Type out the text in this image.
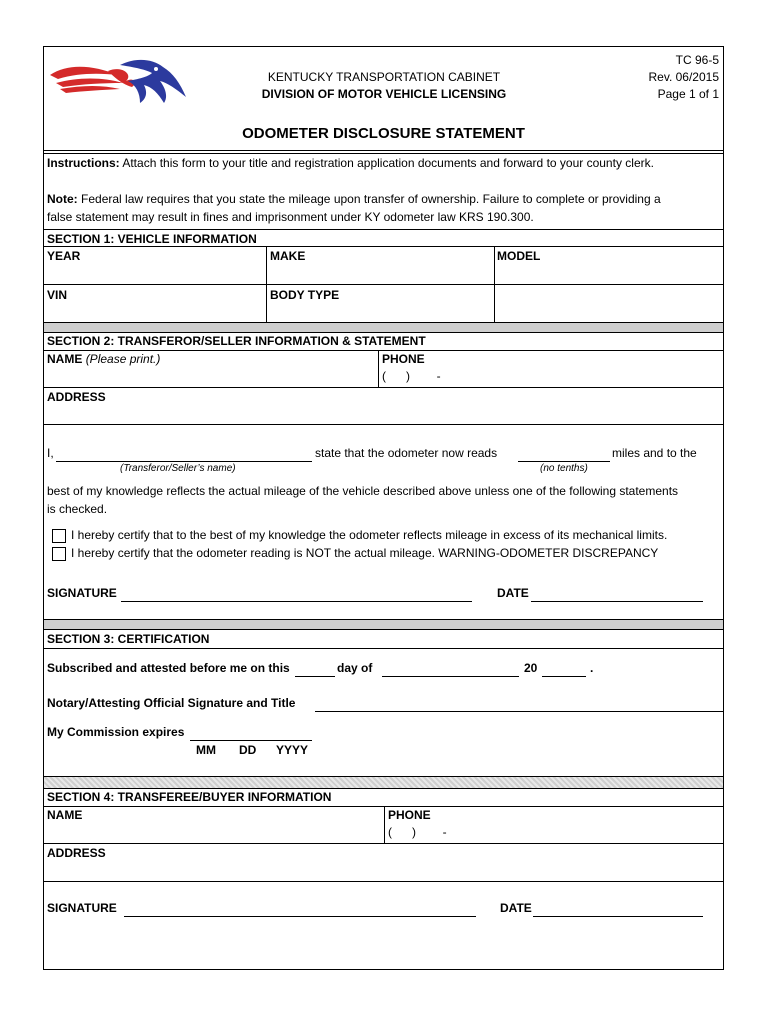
TC 96-5
Rev. 06/2015
Page 1 of 1
KENTUCKY TRANSPORTATION CABINET
DIVISION OF MOTOR VEHICLE LICENSING
ODOMETER DISCLOSURE STATEMENT
Instructions: Attach this form to your title and registration application documents and forward to your county clerk.
Note: Federal law requires that you state the mileage upon transfer of ownership. Failure to complete or providing a
false statement may result in fines and imprisonment under KY odometer law KRS 190.300.
SECTION 1: VEHICLE INFORMATION
YEAR	MAKE	MODEL
VIN	BODY TYPE
SECTION 2: TRANSFEROR/SELLER INFORMATION & STATEMENT
NAME (Please print.)	PHONE
(      )        -
ADDRESS
I,	state that the odometer now reads	miles and to the
(Transferor/Seller’s name)	(no tenths)
best of my knowledge reflects the actual mileage of the vehicle described above unless one of the following statements
is checked.
I hereby certify that to the best of my knowledge the odometer reflects mileage in excess of its mechanical limits.
I hereby certify that the odometer reading is NOT the actual mileage. WARNING-ODOMETER DISCREPANCY
SIGNATURE	DATE
SECTION 3: CERTIFICATION
Subscribed and attested before me on this	day of	20	.
Notary/Attesting Official Signature and Title
My Commission expires
MM DD YYYY
SECTION 4: TRANSFEREE/BUYER INFORMATION
NAME	PHONE
(      )        -
ADDRESS
SIGNATURE	DATE
